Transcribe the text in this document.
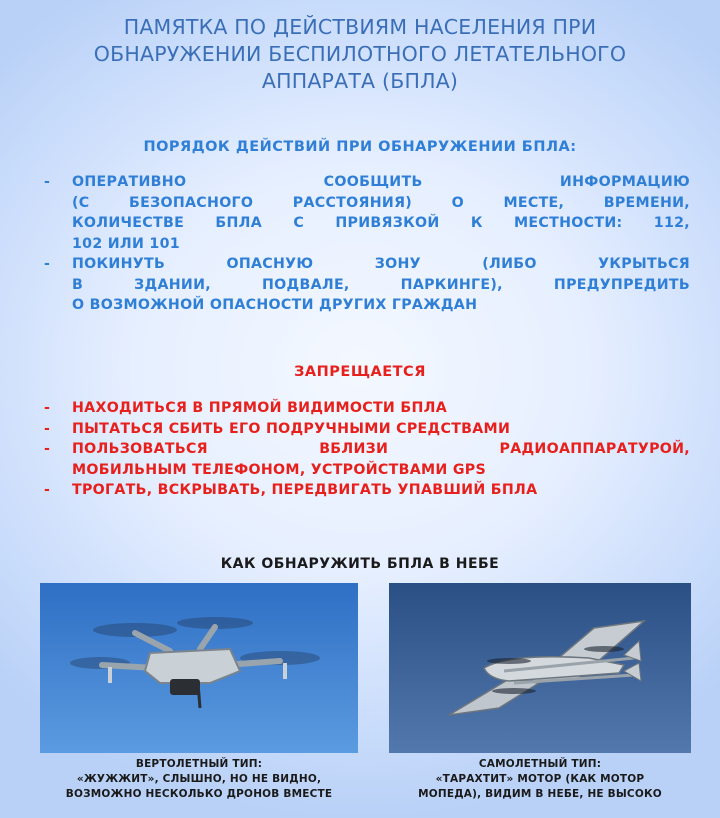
ПАМЯТКА ПО ДЕЙСТВИЯМ НАСЕЛЕНИЯ ПРИ
ОБНАРУЖЕНИИ БЕСПИЛОТНОГО ЛЕТАТЕЛЬНОГО
АППАРАТА (БПЛА)
ПОРЯДОК ДЕЙСТВИЙ ПРИ ОБНАРУЖЕНИИ БПЛА:
- ОПЕРАТИВНО СООБЩИТЬ ИНФОРМАЦИЮ
(С БЕЗОПАСНОГО РАССТОЯНИЯ) О МЕСТЕ, ВРЕМЕНИ,
КОЛИЧЕСТВЕ БПЛА С ПРИВЯЗКОЙ К МЕСТНОСТИ: 112,
102 ИЛИ 101
- ПОКИНУТЬ ОПАСНУЮ ЗОНУ (ЛИБО УКРЫТЬСЯ
В ЗДАНИИ, ПОДВАЛЕ, ПАРКИНГЕ), ПРЕДУПРЕДИТЬ
О ВОЗМОЖНОЙ ОПАСНОСТИ ДРУГИХ ГРАЖДАН
ЗАПРЕЩАЕТСЯ
- НАХОДИТЬСЯ В ПРЯМОЙ ВИДИМОСТИ БПЛА
- ПЫТАТЬСЯ СБИТЬ ЕГО ПОДРУЧНЫМИ СРЕДСТВАМИ
- ПОЛЬЗОВАТЬСЯ ВБЛИЗИ РАДИОАППАРАТУРОЙ,
МОБИЛЬНЫМ ТЕЛЕФОНОМ, УСТРОЙСТВАМИ GPS
- ТРОГАТЬ, ВСКРЫВАТЬ, ПЕРЕДВИГАТЬ УПАВШИЙ БПЛА
КАК ОБНАРУЖИТЬ БПЛА В НЕБЕ
ВЕРТОЛЕТНЫЙ ТИП:
«ЖУЖЖИТ», СЛЫШНО, НО НЕ ВИДНО,
ВОЗМОЖНО НЕСКОЛЬКО ДРОНОВ ВМЕСТЕ
САМОЛЕТНЫЙ ТИП:
«ТАРАХТИТ» МОТОР (КАК МОТОР
МОПЕДА), ВИДИМ В НЕБЕ, НЕ ВЫСОКО
